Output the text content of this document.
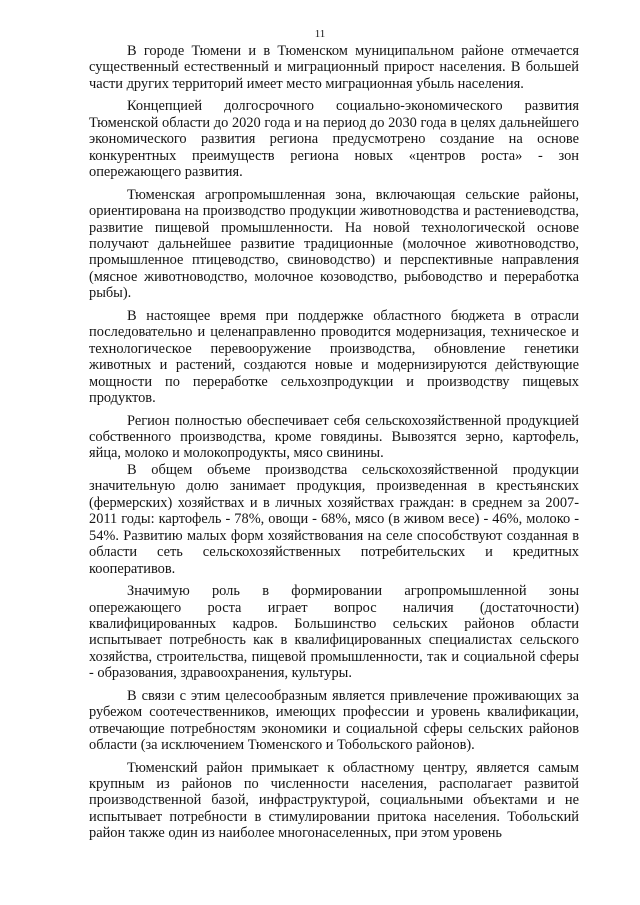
11

В городе Тюмени и в Тюменском муниципальном районе отмечается существенный естественный и миграционный прирост населения. В большей части других территорий имеет место миграционная убыль населения.

Концепцией долгосрочного социально-экономического развития Тюменской области до 2020 года и на период до 2030 года в целях дальнейшего экономического развития региона предусмотрено создание на основе конкурентных преимуществ региона новых «центров роста» - зон опережающего развития.

Тюменская агропромышленная зона, включающая сельские районы, ориентирована на производство продукции животноводства и растениеводства, развитие пищевой промышленности. На новой технологической основе получают дальнейшее развитие традиционные (молочное животноводство, промышленное птицеводство, свиноводство) и перспективные направления (мясное животноводство, молочное козоводство, рыбоводство и переработка рыбы).

В настоящее время при поддержке областного бюджета в отрасли последовательно и целенаправленно проводится модернизация, техническое и технологическое перевооружение производства, обновление генетики животных и растений, создаются новые и модернизируются действующие мощности по переработке сельхозпродукции и производству пищевых продуктов.

Регион полностью обеспечивает себя сельскохозяйственной продукцией собственного производства, кроме говядины. Вывозятся зерно, картофель, яйца, молоко и молокопродукты, мясо свинины.

В общем объеме производства сельскохозяйственной продукции значительную долю занимает продукция, произведенная в крестьянских (фермерских) хозяйствах и в личных хозяйствах граждан: в среднем за 2007-2011 годы: картофель - 78%, овощи - 68%, мясо (в живом весе) - 46%, молоко - 54%. Развитию малых форм хозяйствования на селе способствуют созданная в области сеть сельскохозяйственных потребительских и кредитных кооперативов.

Значимую роль в формировании агропромышленной зоны опережающего роста играет вопрос наличия (достаточности) квалифицированных кадров. Большинство сельских районов области испытывает потребность как в квалифицированных специалистах сельского хозяйства, строительства, пищевой промышленности, так и социальной сферы - образования, здравоохранения, культуры.

В связи с этим целесообразным является привлечение проживающих за рубежом соотечественников, имеющих профессии и уровень квалификации, отвечающие потребностям экономики и социальной сферы сельских районов области (за исключением Тюменского и Тобольского районов).

Тюменский район примыкает к областному центру, является самым крупным из районов по численности населения, располагает развитой производственной базой, инфраструктурой, социальными объектами и не испытывает потребности в стимулировании притока населения. Тобольский район также один из наиболее многонаселенных, при этом уровень
